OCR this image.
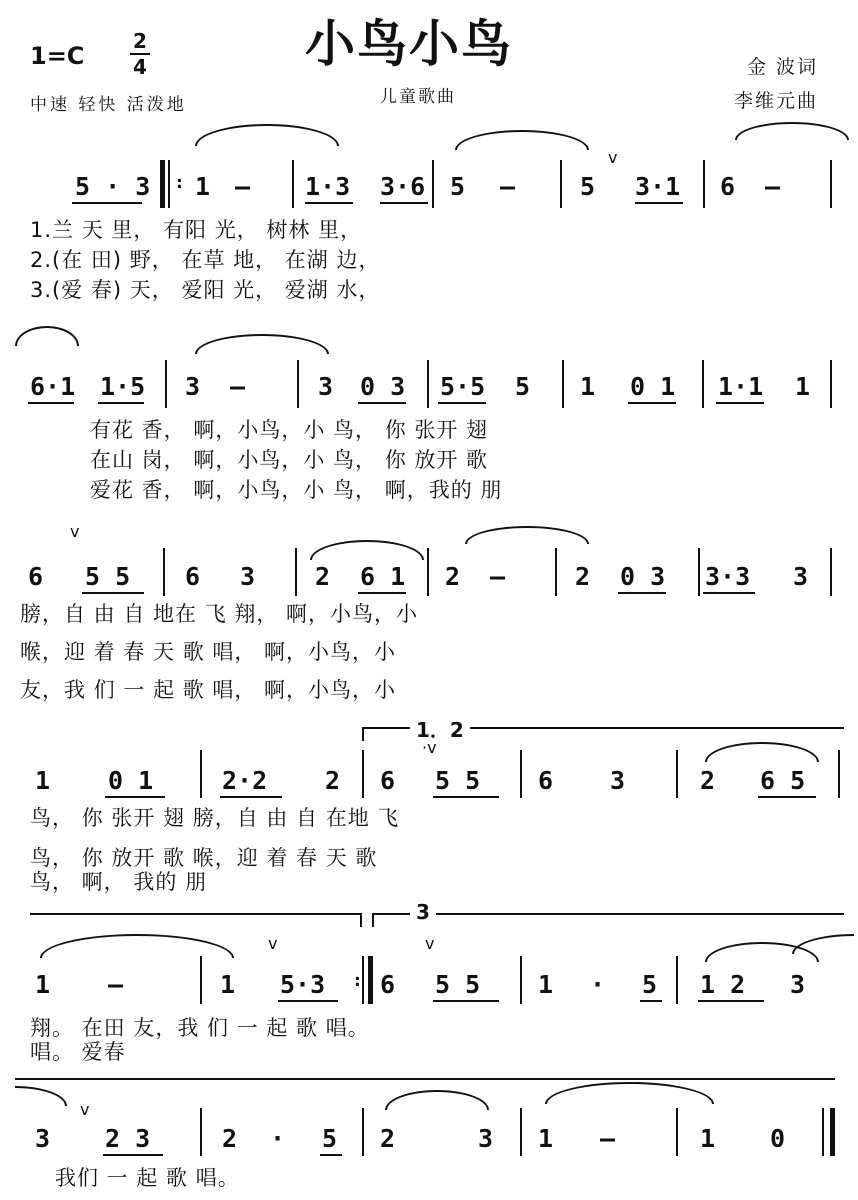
小鸟小鸟
1=C
2
4
中速 轻快 活泼地	儿童歌曲
金 波词
李维元曲
v
5 · 3 : 1 — 1·3 3·6 5 —	5 3·1 6 —
1.兰 天 里， 有阳 光， 树林 里，
2.(在 田) 野， 在草 地， 在湖 边，
3.(爱 春) 天， 爱阳 光， 爱湖 水，
6·1 1·5 3 —	3 0 3 5·5 5 1 0 1 1·1 1
有花 香， 啊，小鸟，小 鸟， 你 张开 翅
在山 岗， 啊，小鸟，小 鸟， 你 放开 歌
爱花 香， 啊，小鸟，小 鸟， 啊，我的 朋
v
6 5 5 6 3 2 6 1 2 —	2 0 3 3·3 3
膀，自 由 自 地在 飞 翔， 啊，小鸟，小
喉，迎 着 春 天 歌 唱， 啊，小鸟，小
友，我 们 一 起 歌 唱， 啊，小鸟，小
1．2
·v
1 0 1	2·2 2 6 5 5 6 3	2 6 5
鸟， 你 张开 翅 膀，自 由 自 在地 飞
鸟， 你 放开 歌 喉，迎 着 春 天 歌
鸟， 啊， 我的 朋
3
v	v
1 —	1 5·3 : 6 5 5 1 · 5 1 2 3
翔。 在田 友，我 们 一 起 歌 唱。
唱。 爱春
v
3 2 3	2 · 5 2	3 1 —	1 0
我们 一 起 歌 唱。
